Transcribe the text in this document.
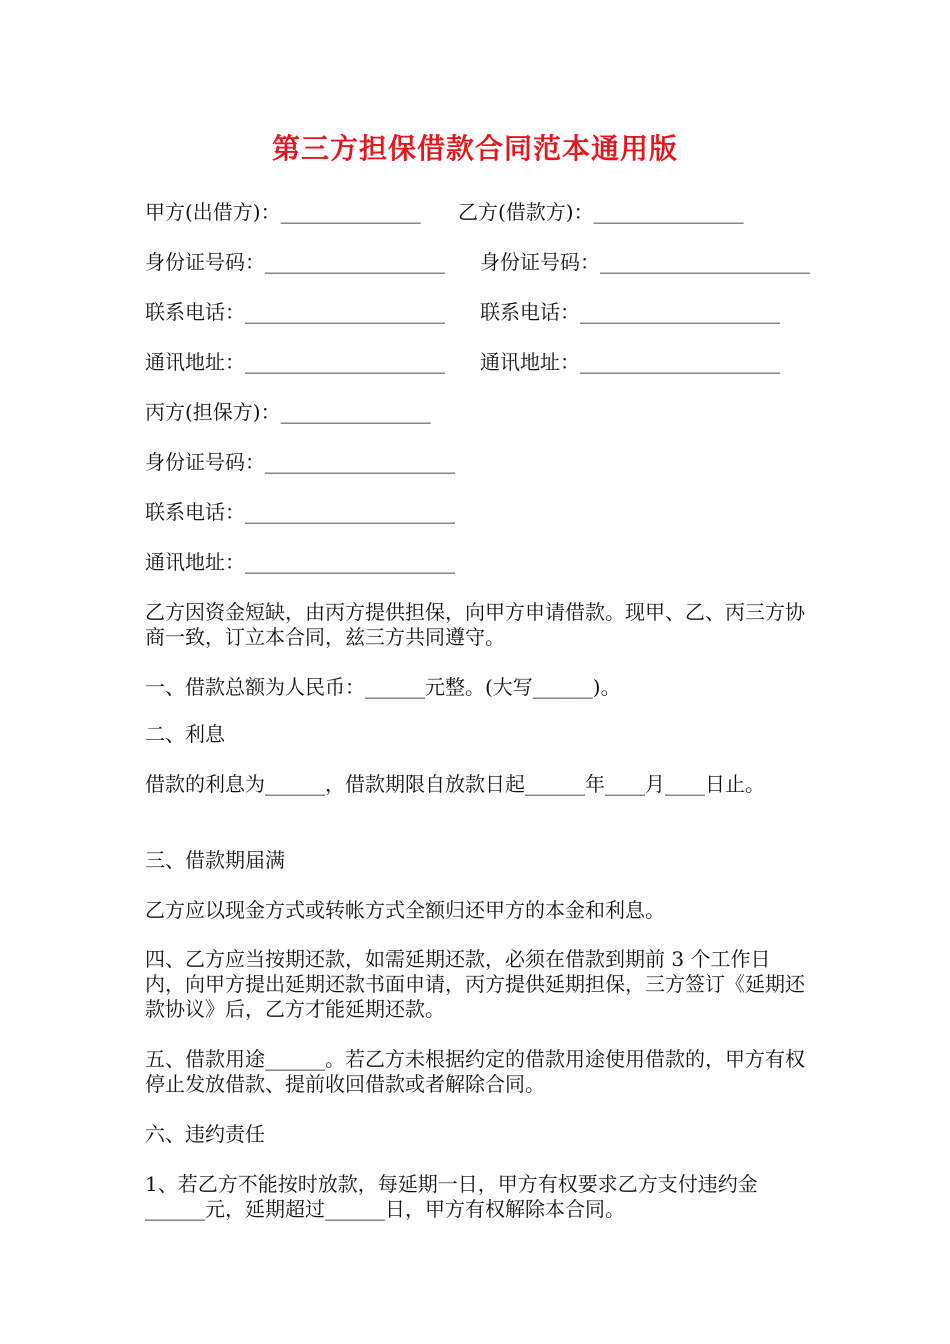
第三方担保借款合同范本通用版
甲方(出借方)：______________ 乙方(借款方)：_______________
身份证号码：__________________ 身份证号码：_____________________
联系电话：____________________ 联系电话：____________________
通讯地址：____________________ 通讯地址：____________________
丙方(担保方)：_______________
身份证号码：___________________
联系电话：_____________________
通讯地址：_____________________

乙方因资金短缺，由丙方提供担保，向甲方申请借款。现甲、乙、丙三方协商一致，订立本合同，兹三方共同遵守。

一、借款总额为人民币：______元整。(大写______)。

二、利息

借款的利息为______，借款期限自放款日起______年____月____日止。

三、借款期届满

乙方应以现金方式或转帐方式全额归还甲方的本金和利息。

四、乙方应当按期还款，如需延期还款，必须在借款到期前 3 个工作日内，向甲方提出延期还款书面申请，丙方提供延期担保，三方签订《延期还款协议》后，乙方才能延期还款。

五、借款用途______。若乙方未根据约定的借款用途使用借款的，甲方有权停止发放借款、提前收回借款或者解除合同。

六、违约责任

1、若乙方不能按时放款，每延期一日，甲方有权要求乙方支付违约金______元，延期超过______日，甲方有权解除本合同。
